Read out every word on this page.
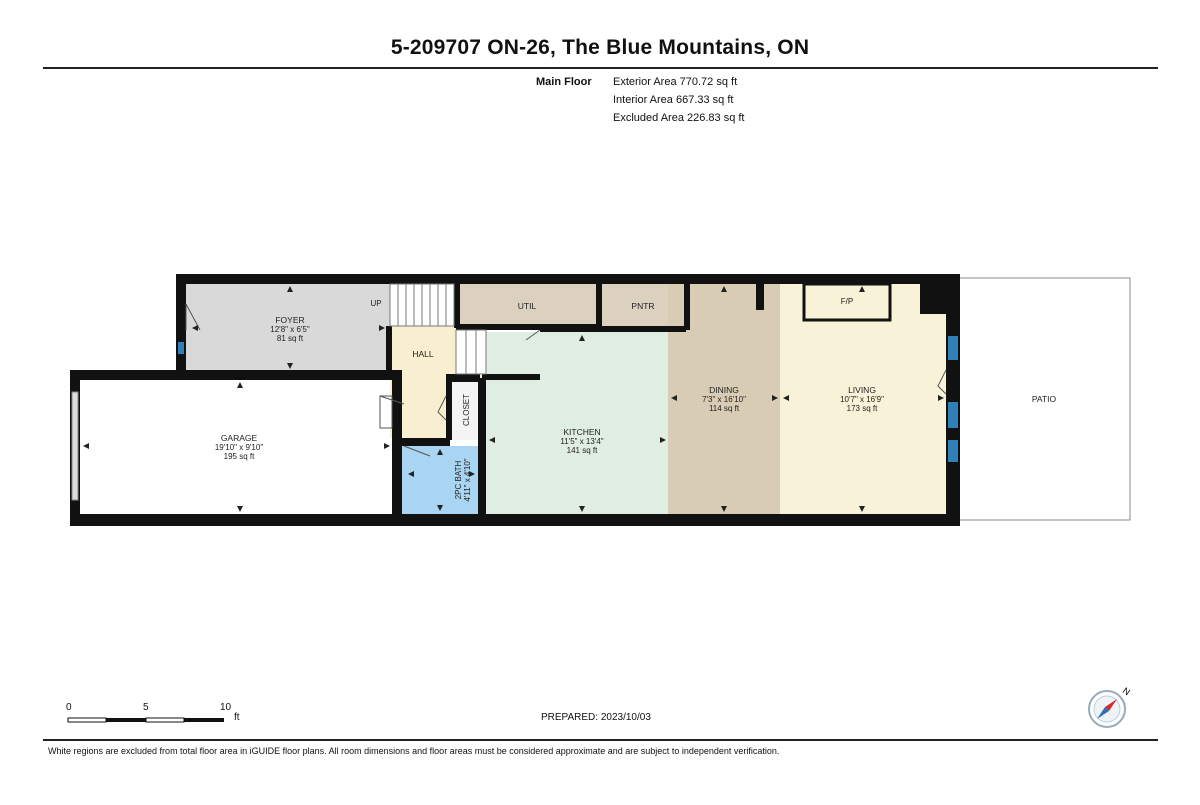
5-209707 ON-26, The Blue Mountains, ON
Main Floor Exterior Area 770.72 sq ft
Interior Area 667.33 sq ft
Excluded Area 226.83 sq ft
FOYER
12'8" x 6'5"
81 sq ft
UP
GARAGE
19'10" x 9'10"
195 sq ft
HALL
CLOSET
2PC BATH 4'11" x 4'10"
UTIL	PNTR
KITCHEN
11'5" x 13'4"
141 sq ft
DINING
7'3" x 16'10"
114 sq ft
LIVING
10'7" x 16'9"
173 sq ft
F/P
PATIO
N
0	5	10
ft	PREPARED: 2023/10/03
White regions are excluded from total floor area in iGUIDE floor plans. All room dimensions and floor areas must be considered approximate and are subject to independent verification.
